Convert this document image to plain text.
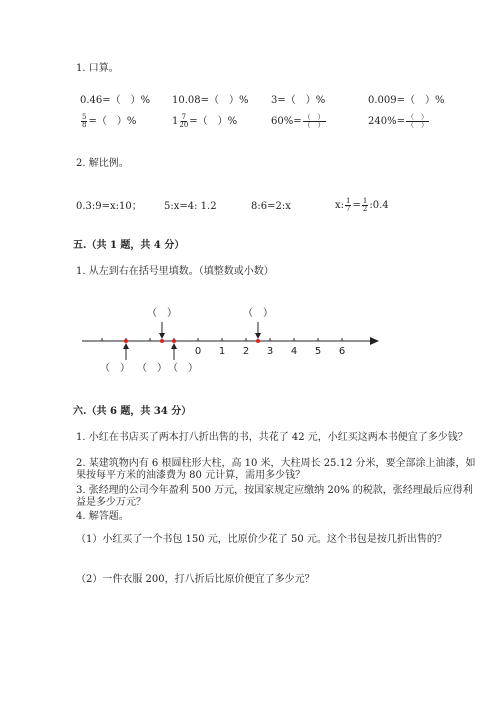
1. 口算。
0.46=（　）% 10.08=（　）% 3=（　）%	0.009=（　）%
$\frac{5}{8}$ =（　）%	$1 \frac{7}{20}$ =（　）%	$60\%= \frac{( )}{( )}$	$240\%= \frac{( )}{( )}$
2. 解比例。
0.3:9=x:10； 5:x=4: 1.2	8:6=2:x	x: $\frac{1}{7} = \frac{1}{2}$ :0.4
五.（共 1 题，共 4 分）
1. 从左到右在括号里填数。（填整数或小数）
0 1 2 3 4 5 6
（　）	（　）
（　） （　） （　）
六.（共 6 题，共 34 分）
1. 小红在书店买了两本打八折出售的书，共花了 42 元，小红买这两本书便宜了多少钱？
2. 某建筑物内有 6 根圆柱形大柱，高 10 米，大柱周长 25.12 分米，要全部涂上油漆，如果按每平方米的油漆费为 80 元计算，需用多少钱？
3. 张经理的公司今年盈利 500 万元，按国家规定应缴纳 20% 的税款，张经理最后应得利益是多少万元？
4. 解答题。
（1）小红买了一个书包 150 元，比原价少花了 50 元。这个书包是按几折出售的？
（2）一件衣服 200，打八折后比原价便宜了多少元？
